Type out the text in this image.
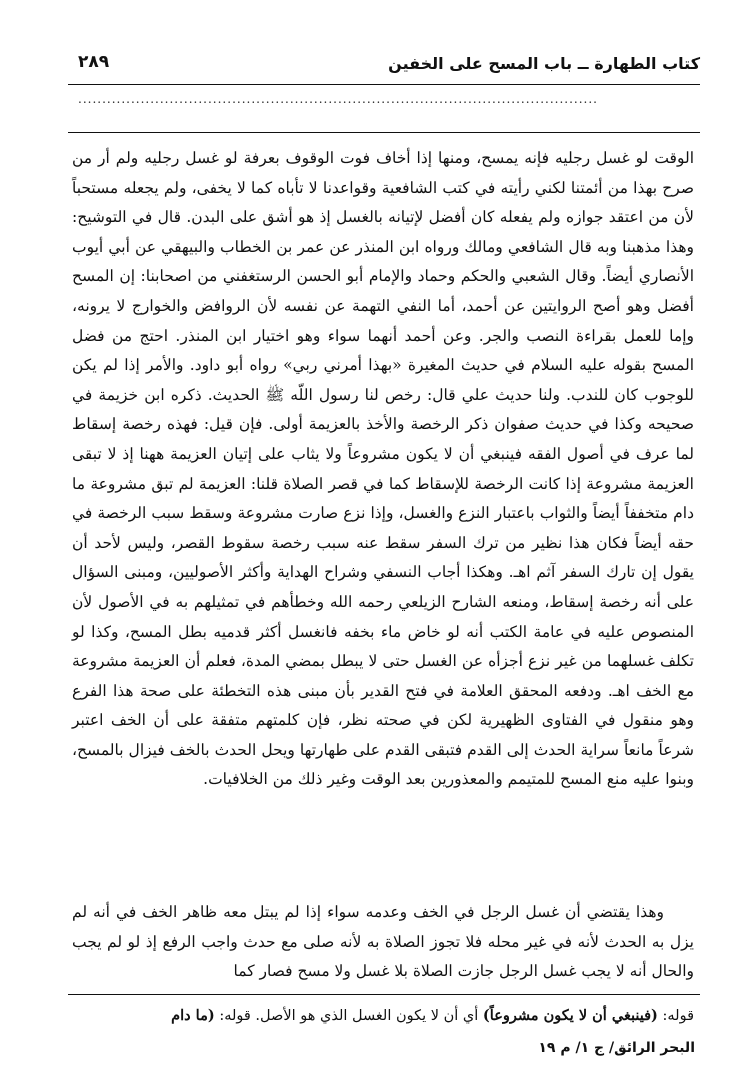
كتاب الطهارة ــ باب المسح على الخفين
٢٨٩
............................................................................................................

الوقت لو غسل رجليه فإنه يمسح، ومنها إذا أخاف فوت الوقوف بعرفة لو غسل رجليه ولم أر من صرح بهذا من أئمتنا لكني رأيته في كتب الشافعية وقواعدنا لا تأباه كما لا يخفى، ولم يجعله مستحباً لأن من اعتقد جوازه ولم يفعله كان أفضل لإتيانه بالغسل إذ هو أشق على البدن. قال في التوشيح: وهذا مذهبنا وبه قال الشافعي ومالك ورواه ابن المنذر عن عمر بن الخطاب والبيهقي عن أبي أيوب الأنصاري أيضاً. وقال الشعبي والحكم وحماد والإمام أبو الحسن الرستغفني من اصحابنا: إن المسح أفضل وهو أصح الروايتين عن أحمد، أما النفي التهمة عن نفسه لأن الروافض والخوارج لا يرونه، وإما للعمل بقراءة النصب والجر. وعن أحمد أنهما سواء وهو اختيار ابن المنذر. احتج من فضل المسح بقوله عليه السلام في حديث المغيرة «بهذا أمرني ربي» رواه أبو داود. والأمر إذا لم يكن للوجوب كان للندب. ولنا حديث علي قال: رخص لنا رسول اللّه ﷺ الحديث. ذكره ابن خزيمة في صحيحه وكذا في حديث صفوان ذكر الرخصة والأخذ بالعزيمة أولى. فإن قيل: فهذه رخصة إسقاط لما عرف في أصول الفقه فينبغي أن لا يكون مشروعاً ولا يثاب على إتيان العزيمة ههنا إذ لا تبقى العزيمة مشروعة إذا كانت الرخصة للإسقاط كما في قصر الصلاة قلنا: العزيمة لم تبق مشروعة ما دام متخففاً أيضاً والثواب باعتبار النزع والغسل، وإذا نزع صارت مشروعة وسقط سبب الرخصة في حقه أيضاً فكان هذا نظير من ترك السفر سقط عنه سبب رخصة سقوط القصر، وليس لأحد أن يقول إن تارك السفر آثم اهـ. وهكذا أجاب النسفي وشراح الهداية وأكثر الأصوليين، ومبنى السؤال على أنه رخصة إسقاط، ومنعه الشارح الزيلعي رحمه الله وخطأهم في تمثيلهم به في الأصول لأن المنصوص عليه في عامة الكتب أنه لو خاض ماء بخفه فانغسل أكثر قدميه بطل المسح، وكذا لو تكلف غسلهما من غير نزع أجزأه عن الغسل حتى لا يبطل بمضي المدة، فعلم أن العزيمة مشروعة مع الخف اهـ. ودفعه المحقق العلامة في فتح القدير بأن مبنى هذه التخطئة على صحة هذا الفرع وهو منقول في الفتاوى الظهيرية لكن في صحته نظر، فإن كلمتهم متفقة على أن الخف اعتبر شرعاً مانعاً سراية الحدث إلى القدم فتبقى القدم على طهارتها ويحل الحدث بالخف فيزال بالمسح، وبنوا عليه منع المسح للمتيمم والمعذورين بعد الوقت وغير ذلك من الخلافيات.

وهذا يقتضي أن غسل الرجل في الخف وعدمه سواء إذا لم يبتل معه ظاهر الخف في أنه لم يزل به الحدث لأنه في غير محله فلا تجوز الصلاة به لأنه صلى مع حدث واجب الرفع إذ لو لم يجب والحال أنه لا يجب غسل الرجل جازت الصلاة بلا غسل ولا مسح فصار كما

قوله: (فينبغي أن لا يكون مشروعاً) أي أن لا يكون الغسل الذي هو الأصل. قوله: (ما دام
البحر الرائق/ ج ١/ م ١٩
